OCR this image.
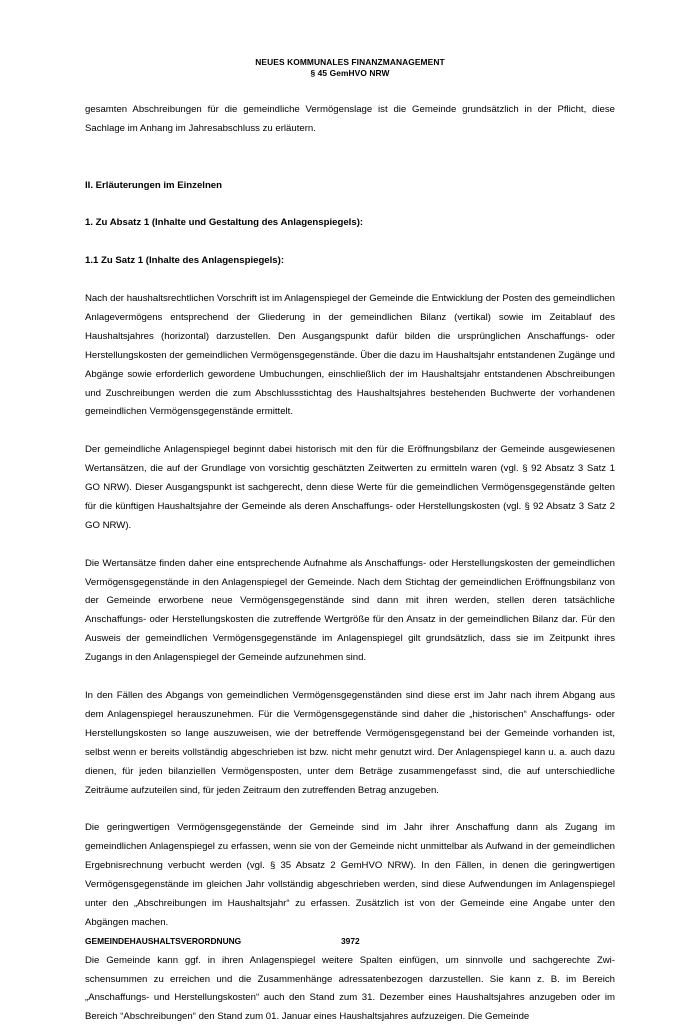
NEUES KOMMUNALES FINANZMANAGEMENT
§ 45 GemHVO NRW

gesamten Abschreibungen für die gemeindliche Vermögenslage ist die Gemeinde grundsätzlich in der Pflicht, diese Sachlage im Anhang im Jahresabschluss zu erläutern.

II. Erläuterungen im Einzelnen

1. Zu Absatz 1 (Inhalte und Gestaltung des Anlagenspiegels):

1.1 Zu Satz 1 (Inhalte des Anlagenspiegels):

Nach der haushaltsrechtlichen Vorschrift ist im Anlagenspiegel der Gemeinde die Entwicklung der Posten des gemeindlichen Anlagevermögens entsprechend der Gliederung in der gemeindlichen Bilanz (vertikal) sowie im Zeitablauf des Haushaltsjahres (horizontal) darzustellen. Den Ausgangspunkt dafür bilden die ursprünglichen Anschaffungs- oder Herstellungskosten der gemeindlichen Vermögensgegenstände. Über die dazu im Haushaltsjahr entstandenen Zugänge und Abgänge sowie erforderlich gewordene Umbuchungen, einschließlich der im Haushaltsjahr entstandenen Abschreibungen und Zuschreibungen werden die zum Abschlussstichtag des Haushaltsjahres bestehenden Buchwerte der vorhandenen gemeindlichen Vermögensgegenstände ermittelt.

Der gemeindliche Anlagenspiegel beginnt dabei historisch mit den für die Eröffnungsbilanz der Gemeinde ausgewiesenen Wertansätzen, die auf der Grundlage von vorsichtig geschätzten Zeitwerten zu ermitteln waren (vgl. § 92 Absatz 3 Satz 1 GO NRW). Dieser Ausgangspunkt ist sachgerecht, denn diese Werte für die gemeindlichen Vermögensgegenstände gelten für die künftigen Haushaltsjahre der Gemeinde als deren Anschaffungs- oder Herstellungskosten (vgl. § 92 Absatz 3 Satz 2 GO NRW).

Die Wertansätze finden daher eine entsprechende Aufnahme als Anschaffungs- oder Herstellungskosten der gemeindlichen Vermögensgegenstände in den Anlagenspiegel der Gemeinde. Nach dem Stichtag der gemeindlichen Eröffnungsbilanz von der Gemeinde erworbene neue Vermögensgegenstände sind dann mit ihren werden, stellen deren tatsächliche Anschaffungs- oder Herstellungskosten die zutreffende Wertgröße für den Ansatz in der gemeindlichen Bilanz dar. Für den Ausweis der gemeindlichen Vermögensgegenstände im Anlagenspiegel gilt grundsätzlich, dass sie im Zeitpunkt ihres Zugangs in den Anlagenspiegel der Gemeinde aufzunehmen sind.

In den Fällen des Abgangs von gemeindlichen Vermögensgegenständen sind diese erst im Jahr nach ihrem Abgang aus dem Anlagenspiegel herauszunehmen. Für die Vermögensgegenstände sind daher die „historischen“ Anschaffungs- oder Herstellungskosten so lange auszuweisen, wie der betreffende Vermögensgegenstand bei der Gemeinde vorhanden ist, selbst wenn er bereits vollständig abgeschrieben ist bzw. nicht mehr genutzt wird. Der Anlagenspiegel kann u. a. auch dazu dienen, für jeden bilanziellen Vermögensposten, unter dem Beträge zusammengefasst sind, die auf unterschiedliche Zeiträume aufzuteilen sind, für jeden Zeitraum den zutreffenden Betrag anzugeben.

Die geringwertigen Vermögensgegenstände der Gemeinde sind im Jahr ihrer Anschaffung dann als Zugang im gemeindlichen Anlagenspiegel zu erfassen, wenn sie von der Gemeinde nicht unmittelbar als Aufwand in der gemeindlichen Ergebnisrechnung verbucht werden (vgl. § 35 Absatz 2 GemHVO NRW). In den Fällen, in denen die geringwertigen Vermögensgegenstände im gleichen Jahr vollständig abgeschrieben werden, sind diese Aufwendungen im Anlagenspiegel unter den „Abschreibungen im Haushaltsjahr“ zu erfassen. Zusätzlich ist von der Gemeinde eine Angabe unter den Abgängen machen.

Die Gemeinde kann ggf. in ihren Anlagenspiegel weitere Spalten einfügen, um sinnvolle und sachgerechte Zwischensummen zu erreichen und die Zusammenhänge adressatenbezogen darzustellen. Sie kann z. B. im Bereich „Anschaffungs- und Herstellungskosten“ auch den Stand zum 31. Dezember eines Haushaltsjahres anzugeben oder im Bereich “Abschreibungen“ den Stand zum 01. Januar eines Haushaltsjahres aufzuzeigen. Die Gemeinde

GEMEINDEHAUSHALTSVERORDNUNG	3972
